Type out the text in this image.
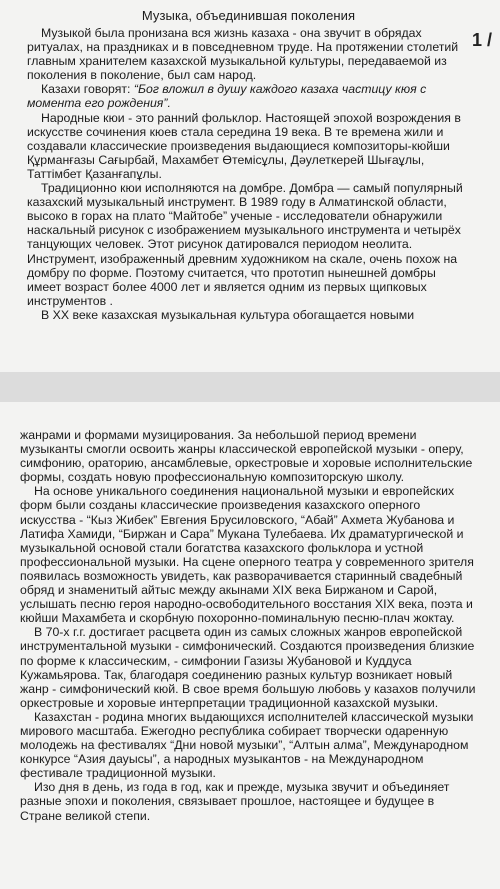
1 /
Музыка, объединившая поколения

Музыкой была пронизана вся жизнь казаха - она звучит в обрядах ритуалах, на праздниках и в повседневном труде. На протяжении столетий главным хранителем казахской музыкальной культуры, передаваемой из поколения в поколение, был сам народ.

Казахи говорят: “Бог вложил в душу каждого казаха частицу кюя с момента его рождения”.

Народные кюи - это ранний фольклор. Настоящей эпохой возрождения в искусстве сочинения кюев стала середина 19 века. В те времена жили и создавали классические произведения выдающиеся композиторы-кюйши Құрманғазы Сағырбай, Махамбет Өтемісұлы, Дәулеткерей Шығаұлы, Таттімбет Қазанғапұлы.

Традиционно кюи исполняются на домбре. Домбра — самый популярный казахский музыкальный инструмент. В 1989 году в Алматинской области, высоко в горах на плато “Майтобе” ученые - исследователи обнаружили наскальный рисунок с изображением музыкального инструмента и четырёх танцующих человек. Этот рисунок датировался периодом неолита. Инструмент, изображенный древним художником на скале, очень похож на домбру по форме. Поэтому считается, что прототип нынешней домбры имеет возраст более 4000 лет и является одним из первых щипковых инструментов .

В XX веке казахская музыкальная культура обогащается новыми

жанрами и формами музицирования. За небольшой период времени музыканты смогли освоить жанры классической европейской музыки - оперу, симфонию, ораторию, ансамблевые, оркестровые и хоровые исполнительские формы, создать новую профессиональную композиторскую школу.

На основе уникального соединения национальной музыки и европейских форм были созданы классические произведения казахского оперного искусства - “Кыз Жибек” Евгения Брусиловского, “Абай” Ахмета Жубанова и Латифа Хамиди, “Биржан и Сара” Мукана Тулебаева. Их драматургической и музыкальной основой стали богатства казахского фольклора и устной профессиональной музыки. На сцене оперного театра у современного зрителя появилась возможность увидеть, как разворачивается старинный свадебный обряд и знаменитый айтыс между акынами XIX века Биржаном и Сарой, услышать песню героя народно-освободительного восстания XIX века, поэта и кюйши Махамбета и скорбную похоронно-поминальную песню-плач жоктау.

В 70-х г.г. достигает расцвета один из самых сложных жанров европейской инструментальной музыки - симфонический. Создаются произведения близкие по форме к классическим, - симфонии Газизы Жубановой и Куддуса Кужамьярова. Так, благодаря соединению разных культур возникает новый жанр - симфонический кюй. В свое время большую любовь у казахов получили оркестровые и хоровые интерпретации традиционной казахской музыки.

Казахстан - родина многих выдающихся исполнителей классической музыки мирового масштаба. Ежегодно республика собирает творчески одаренную молодежь на фестивалях “Дни новой музыки”, “Алтын алма”, Международном конкурсе “Азия дауысы”, а народных музыкантов - на Международном фестивале традиционной музыки.

Изо дня в день, из года в год, как и прежде, музыка звучит и объединяет разные эпохи и поколения, связывает прошлое, настоящее и будущее в Стране великой степи.
